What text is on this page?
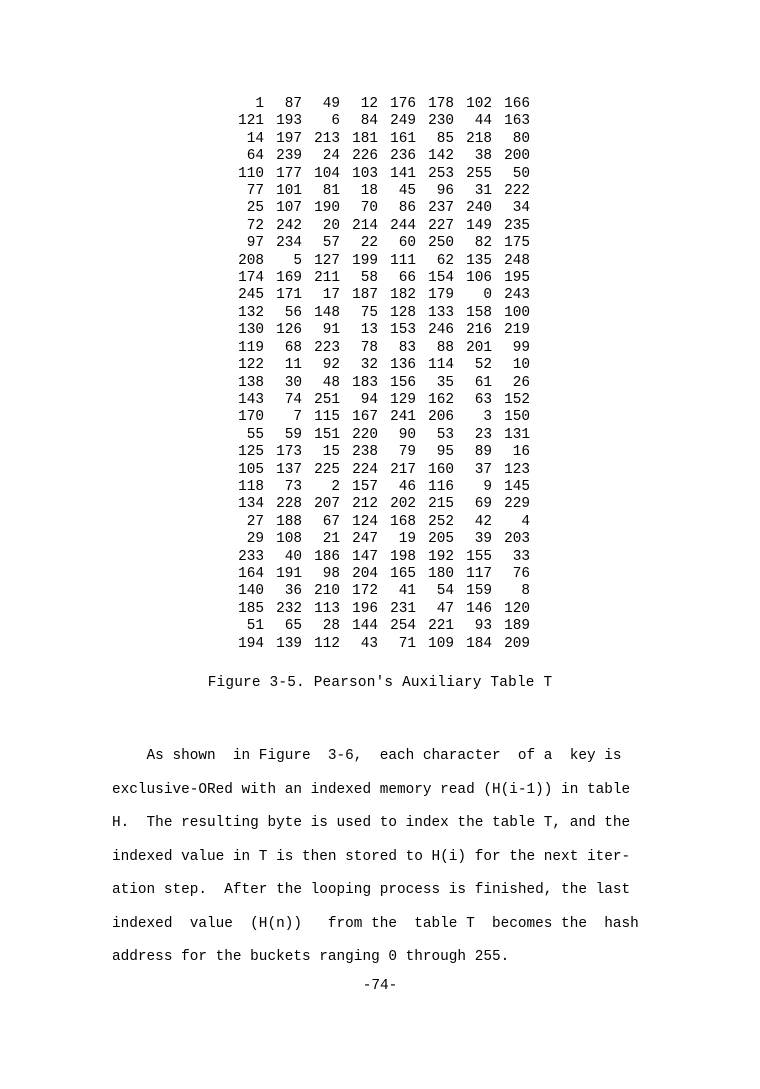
1 87 49 12 176 178 102 166
121 193 6 84 249 230 44 163
14 197 213 181 161 85 218 80
64 239 24 226 236 142 38 200
110 177 104 103 141 253 255 50
77 101 81 18 45 96 31 222
25 107 190 70 86 237 240 34
72 242 20 214 244 227 149 235
97 234 57 22 60 250 82 175
208 5 127 199 111 62 135 248
174 169 211 58 66 154 106 195
245 171 17 187 182 179 0 243
132 56 148 75 128 133 158 100
130 126 91 13 153 246 216 219
119 68 223 78 83 88 201 99
122 11 92 32 136 114 52 10
138 30 48 183 156 35 61 26
143 74 251 94 129 162 63 152
170 7 115 167 241 206 3 150
55 59 151 220 90 53 23 131
125 173 15 238 79 95 89 16
105 137 225 224 217 160 37 123
118 73 2 157 46 116 9 145
134 228 207 212 202 215 69 229
27 188 67 124 168 252 42 4
29 108 21 247 19 205 39 203
233 40 186 147 198 192 155 33
164 191 98 204 165 180 117 76
140 36 210 172 41 54 159 8
185 232 113 196 231 47 146 120
51 65 28 144 254 221 93 189
194 139 112 43 71 109 184 209
Figure 3-5. Pearson's Auxiliary Table T

As shown  in Figure  3-6,  each character  of a  key is

exclusive-ORed with an indexed memory read (H(i-1)) in table

H.  The resulting byte is used to index the table T, and the

indexed value in T is then stored to H(i) for the next iter-

ation step.  After the looping process is finished, the last

indexed  value  (H(n))   from the  table T  becomes the  hash

address for the buckets ranging 0 through 255.

-74-
